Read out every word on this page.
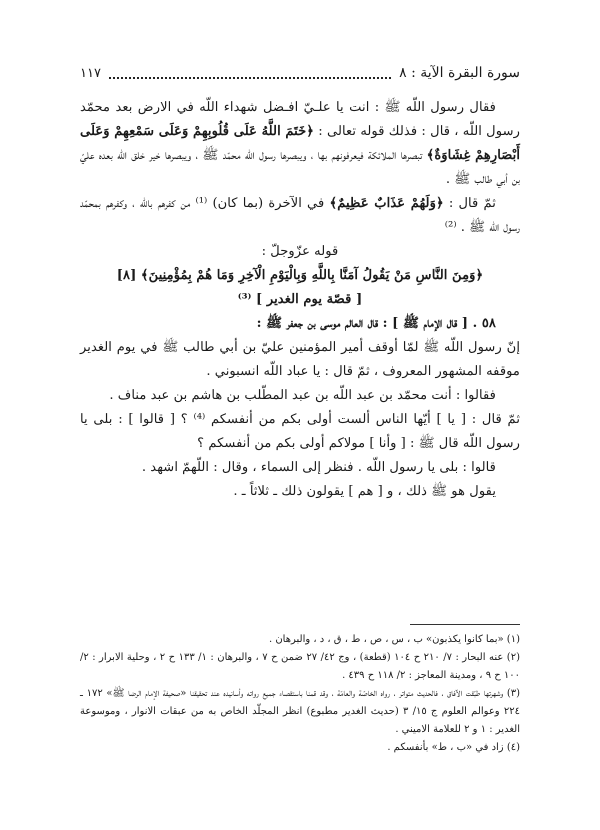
سورة البقرة الآية : ٨
١١٧

فقال رسول اللّه ﷺ : انت يا علـيّ افـضل شهداء اللّه في الارض بعد محمّد رسول اللّه ، قال : فذلك قوله تعالى : ﴿خَتَمَ اللَّهُ عَلَى قُلُوبِهِمْ وَعَلَى سَمْعِهِمْ وَعَلَى أَبْصَارِهِمْ غِشَاوَةٌ﴾ تبصرها الملائكة فيعرفونهم بها ، ويبصرها رسول اللّه محمّد ﷺ ، ويبصرها خير خلق اللّه بعده عليّ بن أبي طالب ﷺ .

ثمّ قال : ﴿وَلَهُمْ عَذَابٌ عَظِيمٌ﴾ في الآخرة (بما كان) ⁽¹⁾ من كفرهم باللّه ، وكفرهم بمحمّد رسول اللّه ﷺ . ⁽²⁾

قوله عزّوجلّ :

﴿وَمِنَ النَّاسِ مَنْ يَقُولُ آمَنَّا بِاللَّهِ وَبِالْيَوْمِ الْآخِرِ وَمَا هُمْ بِمُؤْمِنِينَ﴾ [٨]

[ قصّة يوم الغدير ] ⁽³⁾

٥٨ . [ قال الإمام ﷺ ] : قال العالم موسى بن جعفر ﷺ :

إنّ رسول اللّه ﷺ لمّا أوقف أمير المؤمنين عليّ بن أبي طالب ﷺ في يوم الغدير موقفه المشهور المعروف ، ثمّ قال : يا عباد اللّه انسبوني .

فقالوا : أنت محمّد بن عبد اللّه بن عبد المطّلب بن هاشم بن عبد مناف .

ثمّ قال : [ يا ] أيّها الناس ألست أولى بكم من أنفسكم ⁽⁴⁾ ؟ [ قالوا ] : بلى يا رسول اللّه قال ﷺ : [ وأنا ] مولاكم أولى بكم من أنفسكم ؟

قالوا : بلى يا رسول اللّه . فنظر إلى السماء ، وقال : اللّهمّ اشهد .

يقول هو ﷺ ذلك ، و [ هم ] يقولون ذلك ـ ثلاثاً ـ .

(١) «بما كانوا يكذبون» ب ، س ، ص ، ط ، ق ، د ، والبرهان .

(٢) عنه البحار : ٧/ ٢١٠ ح ١٠٤ (قطعة) ، وج ٤٢/ ٢٧ ضمن ح ٧ ، والبرهان : ١/ ١٣٣ ح ٢ ، وحلية الابرار : ٢/ ١٠٠ ح ٩ ، ومدينة المعاجز : ٢/ ١١٨ ح ٤٣٩ .

(٣) وشهرتها طبّقت الآفاق ، فالحديث متواتر ، رواه الخاصّة والعامّة ، وقد قمنا باستقصاء جميع رواته وأسانيده عند تحقيقنا «صحيفة الإمام الرضا ﷺ» ١٧٢ ـ ٢٢٤ وعوالم العلوم ج ١٥/ ٣ (حديث الغدير مطبوع) انظر المجلّد الخاص به من عبقات الانوار ، وموسوعة الغدير : ١ و ٢ للعلامة الاميني .

(٤) زاد في «ب ، ط» بأنفسكم .
